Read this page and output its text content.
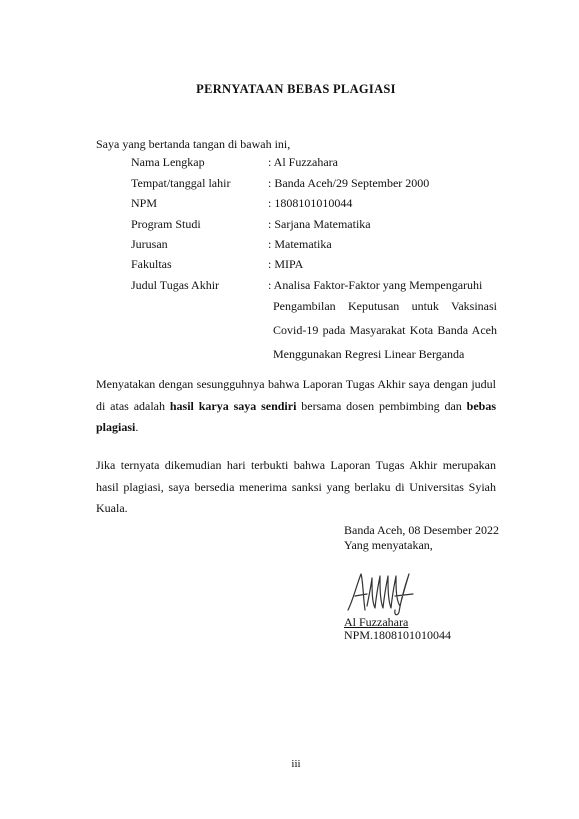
PERNYATAAN BEBAS PLAGIASI
Saya yang bertanda tangan di bawah ini,
Nama Lengkap	: Al Fuzzahara
Tempat/tanggal lahir	: Banda Aceh/29 September 2000
NPM	: 1808101010044
Program Studi	: Sarjana Matematika
Jurusan	: Matematika
Fakultas	: MIPA
Judul Tugas Akhir	: Analisa Faktor-Faktor yang Mempengaruhi
Pengambilan Keputusan untuk Vaksinasi
Covid-19 pada Masyarakat Kota Banda Aceh
Menggunakan Regresi Linear Berganda
Menyatakan dengan sesungguhnya bahwa Laporan Tugas Akhir saya dengan judul di atas adalah hasil karya saya sendiri bersama dosen pembimbing dan bebas plagiasi.
Jika ternyata dikemudian hari terbukti bahwa Laporan Tugas Akhir merupakan hasil plagiasi, saya bersedia menerima sanksi yang berlaku di Universitas Syiah Kuala.
Banda Aceh, 08 Desember 2022
Yang menyatakan,
Al Fuzzahara
NPM.1808101010044
iii
